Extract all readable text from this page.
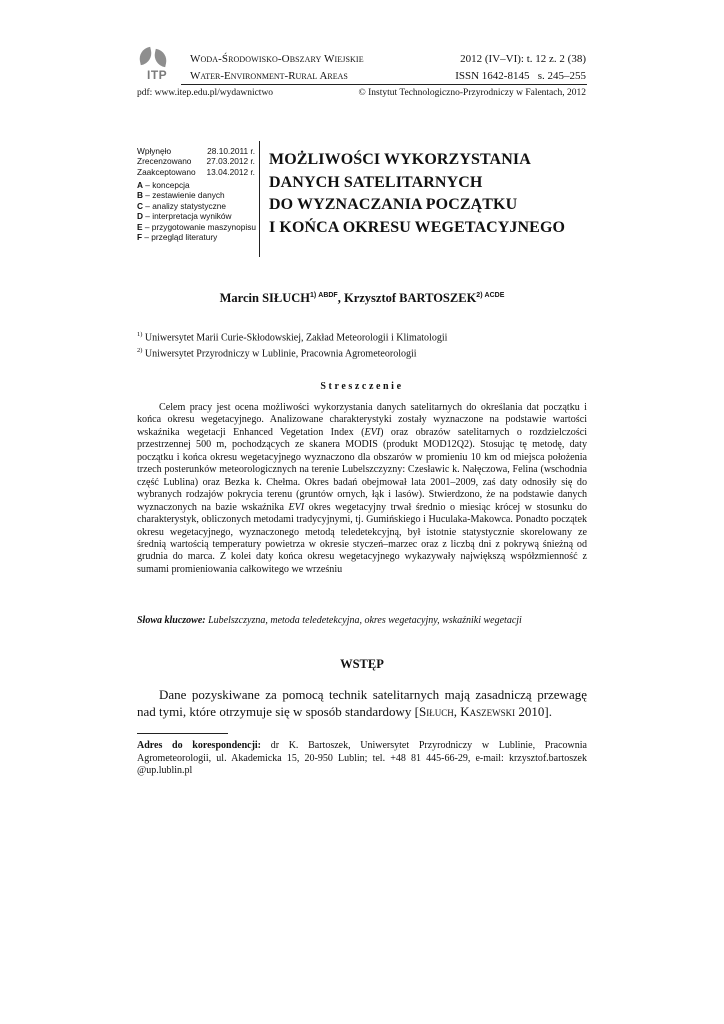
ITP
Woda-Środowisko-Obszary Wiejskie
Water-Environment-Rural Areas
2012 (IV–VI): t. 12 z. 2 (38)
ISSN 1642-8145   s. 245–255
pdf: www.itep.edu.pl/wydawnictwo	© Instytut Technologiczno-Przyrodniczy w Falentach, 2012
Wpłynęło	28.10.2011 r.
Zrecenzowano 27.03.2012 r.
Zaakceptowano 13.04.2012 r.
A – koncepcja
B – zestawienie danych
C – analizy statystyczne
D – interpretacja wyników
E – przygotowanie maszynopisu
F – przegląd literatury
MOŻLIWOŚCI WYKORZYSTANIA
DANYCH SATELITARNYCH
DO WYZNACZANIA POCZĄTKU
I KOŃCA OKRESU WEGETACYJNEGO
Marcin SIŁUCH$^{1)}$ $^{ABDF}$, Krzysztof BARTOSZEK$^{2)}$ $^{ACDE}$
$^{1)}$ Uniwersytet Marii Curie-Skłodowskiej, Zakład Meteorologii i Klimatologii
$^{2)}$ Uniwersytet Przyrodniczy w Lublinie, Pracownia Agrometeorologii
Streszczenie

Celem pracy jest ocena możliwości wykorzystania danych satelitarnych do określania dat początku i końca okresu wegetacyjnego. Analizowane charakterystyki zostały wyznaczone na podstawie wartości wskaźnika wegetacji Enhanced Vegetation Index (EVI) oraz obrazów satelitarnych o rozdzielczości przestrzennej 500 m, pochodzących ze skanera MODIS (produkt MOD12Q2). Stosując tę metodę, daty początku i końca okresu wegetacyjnego wyznaczono dla obszarów w promieniu 10 km od miejsca położenia trzech posterunków meteorologicznych na terenie Lubelszczyzny: Czesławic k. Nałęczowa, Felina (wschodnia część Lublina) oraz Bezka k. Chełma. Okres badań obejmował lata 2001–2009, zaś daty odnosiły się do wybranych rodzajów pokrycia terenu (gruntów ornych, łąk i lasów). Stwierdzono, że na podstawie danych wyznaczonych na bazie wskaźnika EVI okres wegetacyjny trwał średnio o miesiąc krócej w stosunku do charakterystyk, obliczonych metodami tradycyjnymi, tj. Gumińskiego i Huculaka-Makowca. Ponadto początek okresu wegetacyjnego, wyznaczonego metodą teledetekcyjną, był istotnie statystycznie skorelowany ze średnią wartością temperatury powietrza w okresie styczeń–marzec oraz z liczbą dni z pokrywą śnieżną od grudnia do marca. Z kolei daty końca okresu wegetacyjnego wykazywały największą współzmienność z sumami promieniowania całkowitego we wrześniu

Słowa kluczowe: Lubelszczyzna, metoda teledetekcyjna, okres wegetacyjny, wskaźniki wegetacji
WSTĘP

Dane pozyskiwane za pomocą technik satelitarnych mają zasadniczą przewagę nad tymi, które otrzymuje się w sposób standardowy [Siłuch, Kaszewski 2010].

Adres do korespondencji: dr K. Bartoszek, Uniwersytet Przyrodniczy w Lublinie, Pracownia Agrometeorologii, ul. Akademicka 15, 20-950 Lublin; tel. +48 81 445-66-29, e-mail: krzysztof.bartoszek @up.lublin.pl
